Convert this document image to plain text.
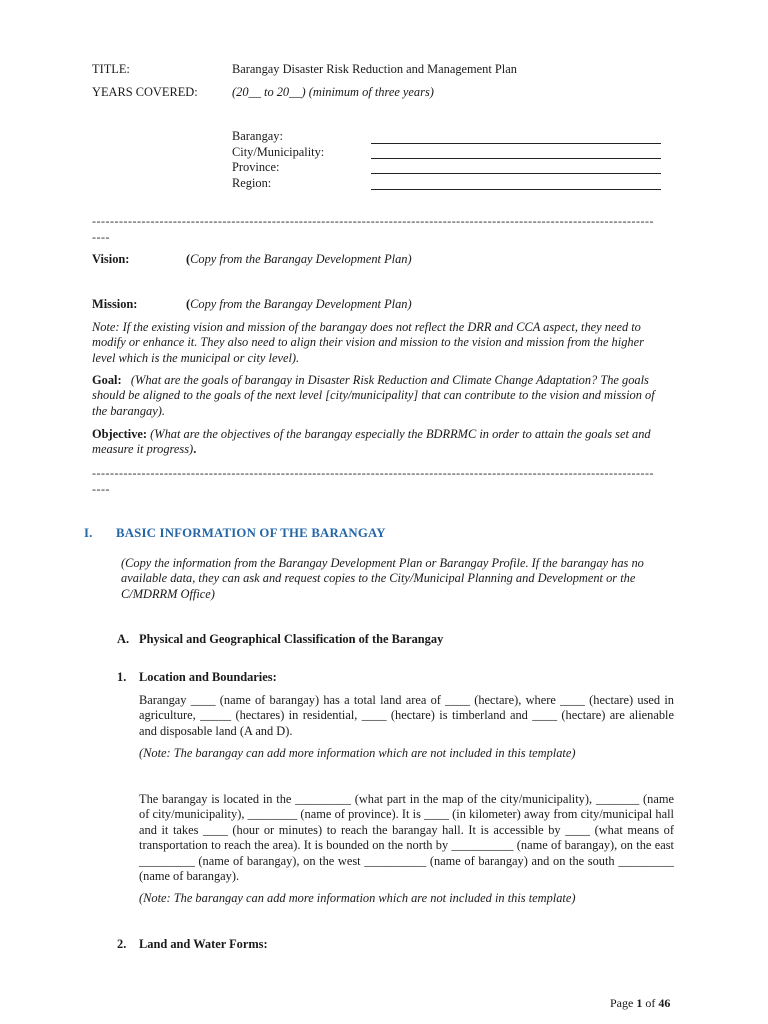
TITLE:	Barangay Disaster Risk Reduction and Management Plan
YEARS COVERED:	(20__ to 20__) (minimum of three years)
Barangay:
City/Municipality:
Province:
Region:
-----------------------------------------------------------------------------------------------------------------------------
----
Vision:	(Copy from the Barangay Development Plan)
Mission:	(Copy from the Barangay Development Plan)
Note: If the existing vision and mission of the barangay does not reflect the DRR and CCA aspect, they need to modify or enhance it. They also need to align their vision and mission to the vision and mission from the higher level which is the municipal or city level).
Goal: (What are the goals of barangay in Disaster Risk Reduction and Climate Change Adaptation? The goals should be aligned to the goals of the next level [city/municipality] that can contribute to the vision and mission of the barangay).
Objective: (What are the objectives of the barangay especially the BDRRMC in order to attain the goals set and measure it progress).
-----------------------------------------------------------------------------------------------------------------------------
----
I. BASIC INFORMATION OF THE BARANGAY
(Copy the information from the Barangay Development Plan or Barangay Profile. If the barangay has no available data, they can ask and request copies to the City/Municipal Planning and Development or the C/MDRRM Office)
A. Physical and Geographical Classification of the Barangay
1. Location and Boundaries:
Barangay ____ (name of barangay) has a total land area of ____ (hectare), where ____ (hectare) used in agriculture, _____ (hectares) in residential, ____ (hectare) is timberland and ____ (hectare) are alienable and disposable land (A and D).
(Note: The barangay can add more information which are not included in this template)
The barangay is located in the _________ (what part in the map of the city/municipality), _______ (name of city/municipality), ________ (name of province). It is ____ (in kilometer) away from city/municipal hall and it takes ____ (hour or minutes) to reach the barangay hall. It is accessible by ____ (what means of transportation to reach the area). It is bounded on the north by __________ (name of barangay), on the east _________ (name of barangay), on the west __________ (name of barangay) and on the south _________ (name of barangay).
(Note: The barangay can add more information which are not included in this template)
2. Land and Water Forms:
Page 1 of 46
